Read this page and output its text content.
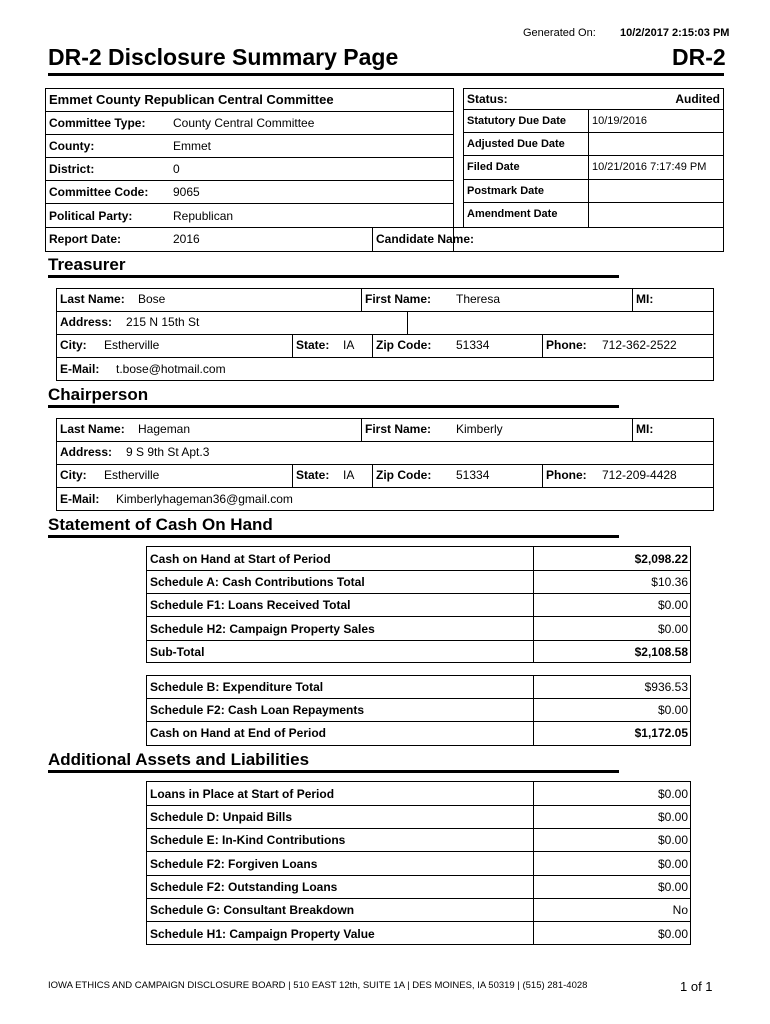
Generated On: 10/2/2017 2:15:03 PM
DR-2 Disclosure Summary Page	DR-2
Emmet County Republican Central Committee
Committee Type: County Central Committee
County:	Emmet
District:	0
Committee Code: 9065
Political Party:	Republican
Report Date:	2016	Candidate Name:
Status:	Audited
Statutory Due Date 10/19/2016
Adjusted Due Date
Filed Date	10/21/2016 7:17:49 PM
Postmark Date
Amendment Date
Treasurer
Last Name: Bose	First Name: Theresa	MI:
Address: 215 N 15th St
City: Estherville	State: IA Zip Code: 51334	Phone: 712-362-2522
E-Mail: t.bose@hotmail.com
Chairperson
Last Name: Hageman	First Name: Kimberly	MI:
Address: 9 S 9th St Apt.3
City: Estherville	State: IA Zip Code: 51334	Phone: 712-209-4428
E-Mail: Kimberlyhageman36@gmail.com
Statement of Cash On Hand
Cash on Hand at Start of Period	$2,098.22
Schedule A: Cash Contributions Total	$10.36
Schedule F1: Loans Received Total	$0.00
Schedule H2: Campaign Property Sales	$0.00
Sub-Total	$2,108.58
Schedule B: Expenditure Total	$936.53
Schedule F2: Cash Loan Repayments	$0.00
Cash on Hand at End of Period	$1,172.05
Additional Assets and Liabilities
Loans in Place at Start of Period	$0.00
Schedule D: Unpaid Bills	$0.00
Schedule E: In-Kind Contributions	$0.00
Schedule F2: Forgiven Loans	$0.00
Schedule F2: Outstanding Loans	$0.00
Schedule G: Consultant Breakdown	No
Schedule H1: Campaign Property Value	$0.00
IOWA ETHICS AND CAMPAIGN DISCLOSURE BOARD | 510 EAST 12th, SUITE 1A | DES MOINES, IA 50319 | (515) 281-4028	1 of 1
